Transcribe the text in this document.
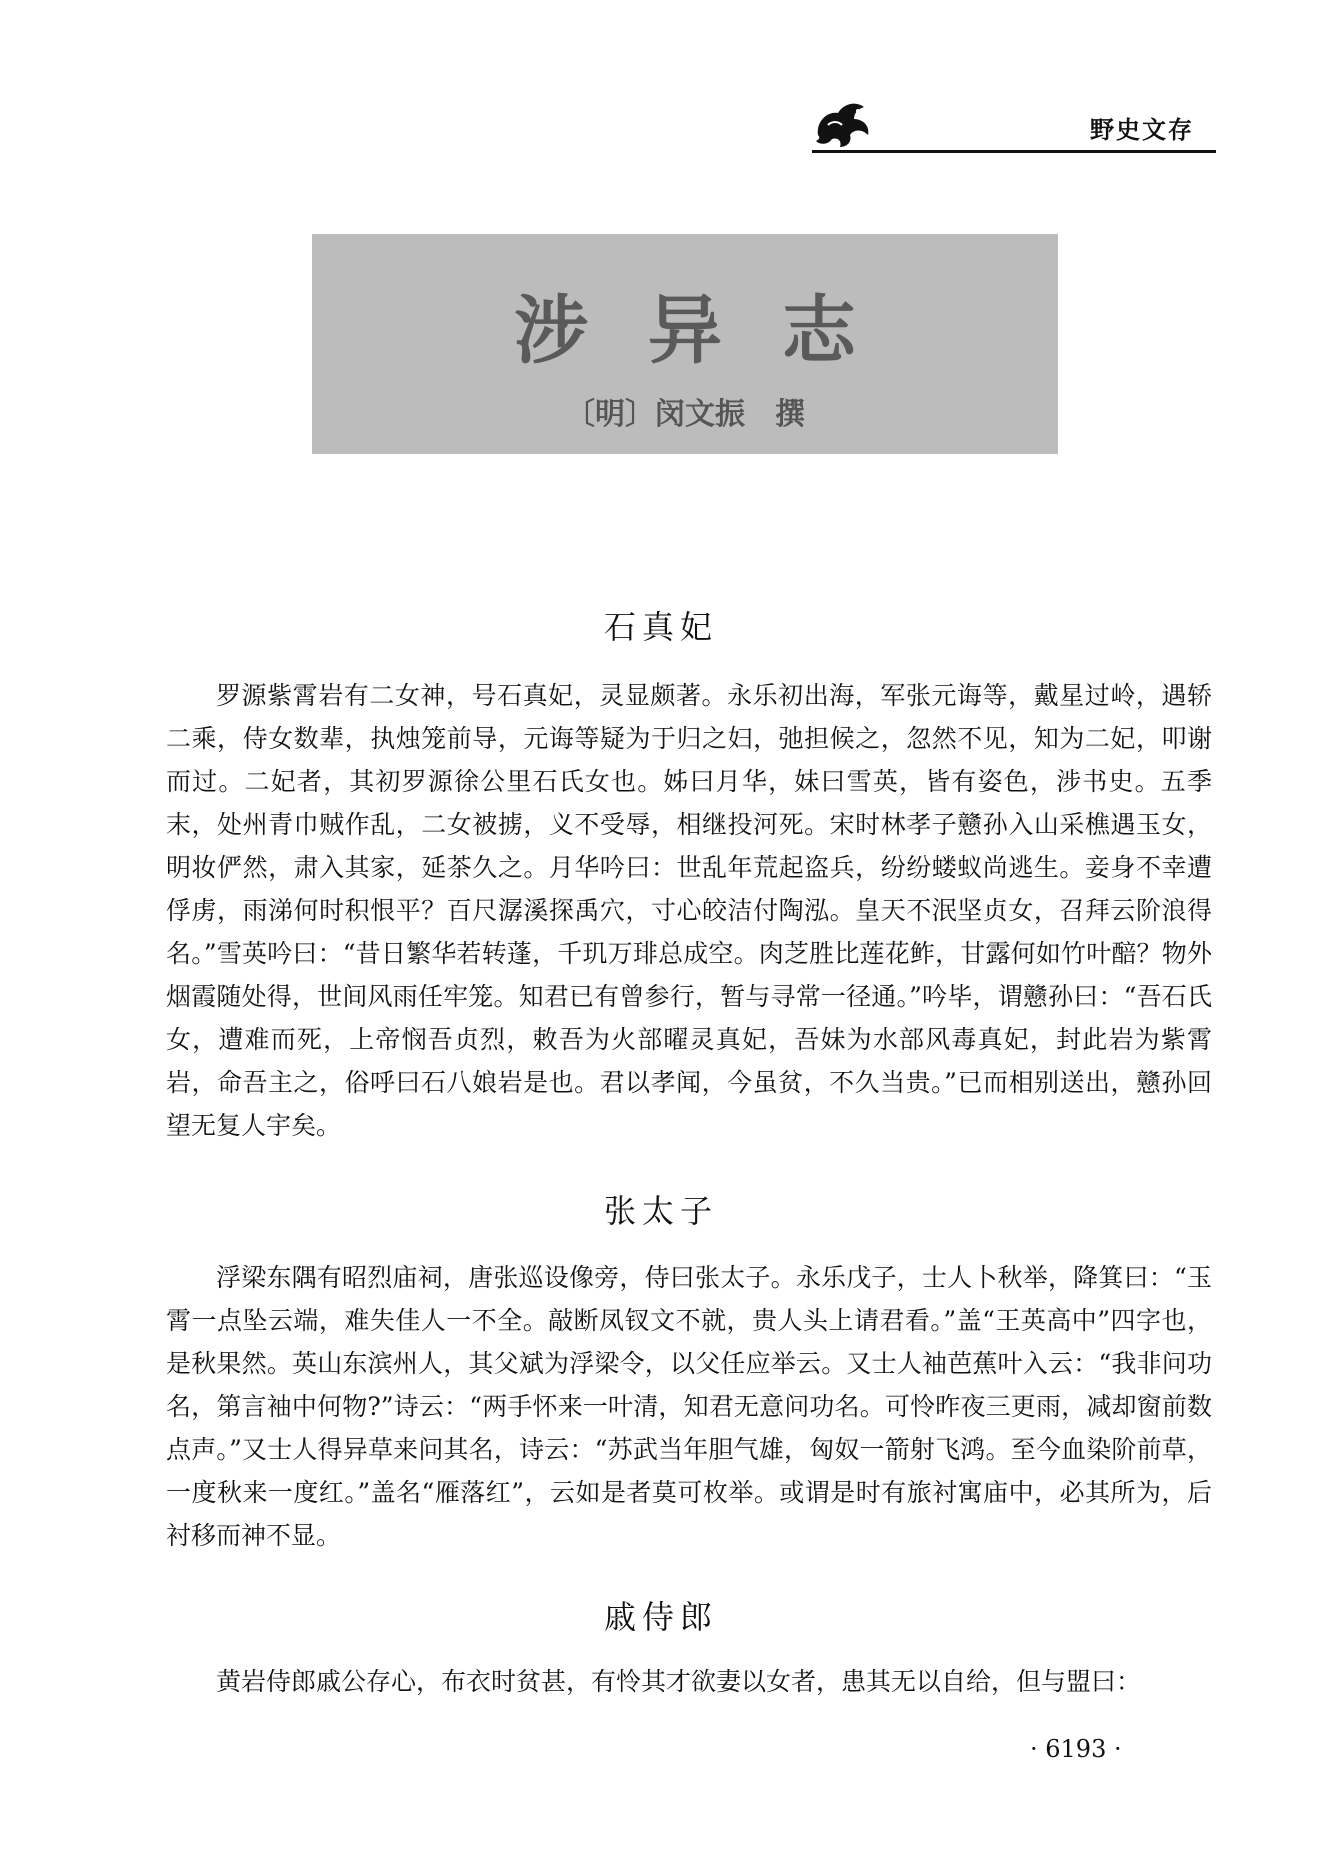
野史文存
涉异志
〔明〕闵文振　撰
石真妃
罗源紫霄岩有二女神，号石真妃，灵显颇著。永乐初出海，军张元诲等，戴星过岭，遇轿二乘，侍女数辈，执烛笼前导，元诲等疑为于归之妇，弛担候之，忽然不见，知为二妃，叩谢而过。二妃者，其初罗源徐公里石氏女也。姊曰月华，妹曰雪英，皆有姿色，涉书史。五季末，处州青巾贼作乱，二女被掳，义不受辱，相继投河死。宋时林孝子戆孙入山采樵遇玉女，明妆俨然，肃入其家，延茶久之。月华吟曰：世乱年荒起盗兵，纷纷蝼蚁尚逃生。妾身不幸遭俘虏，雨涕何时积恨平？百尺潺溪探禹穴，寸心皎洁付陶泓。皇天不泯坚贞女，召拜云阶浪得名。”雪英吟曰：“昔日繁华若转蓬，千玑万琲总成空。肉芝胜比莲花鲊，甘露何如竹叶醅？物外烟霞随处得，世间风雨任牢笼。知君已有曾参行，暂与寻常一径通。”吟毕，谓戆孙曰：“吾石氏女，遭难而死，上帝悯吾贞烈，敕吾为火部曜灵真妃，吾妹为水部风毒真妃，封此岩为紫霄岩，命吾主之，俗呼曰石八娘岩是也。君以孝闻，今虽贫，不久当贵。”已而相别送出，戆孙回望无复人宇矣。
张太子
浮梁东隅有昭烈庙祠，唐张巡设像旁，侍曰张太子。永乐戊子，士人卜秋举，降箕曰：“玉霄一点坠云端，难失佳人一不全。敲断凤钗文不就，贵人头上请君看。”盖“王英高中”四字也，是秋果然。英山东滨州人，其父斌为浮梁令，以父任应举云。又士人袖芭蕉叶入云：“我非问功名，第言袖中何物?”诗云：“两手怀来一叶清，知君无意问功名。可怜昨夜三更雨，减却窗前数点声。”又士人得异草来问其名，诗云：“苏武当年胆气雄，匈奴一箭射飞鸿。至今血染阶前草，一度秋来一度红。”盖名“雁落红”，云如是者莫可枚举。或谓是时有旅衬寓庙中，必其所为，后衬移而神不显。
戚侍郎
黄岩侍郎戚公存心，布衣时贫甚，有怜其才欲妻以女者，患其无以自给，但与盟曰：
· 6193 ·
